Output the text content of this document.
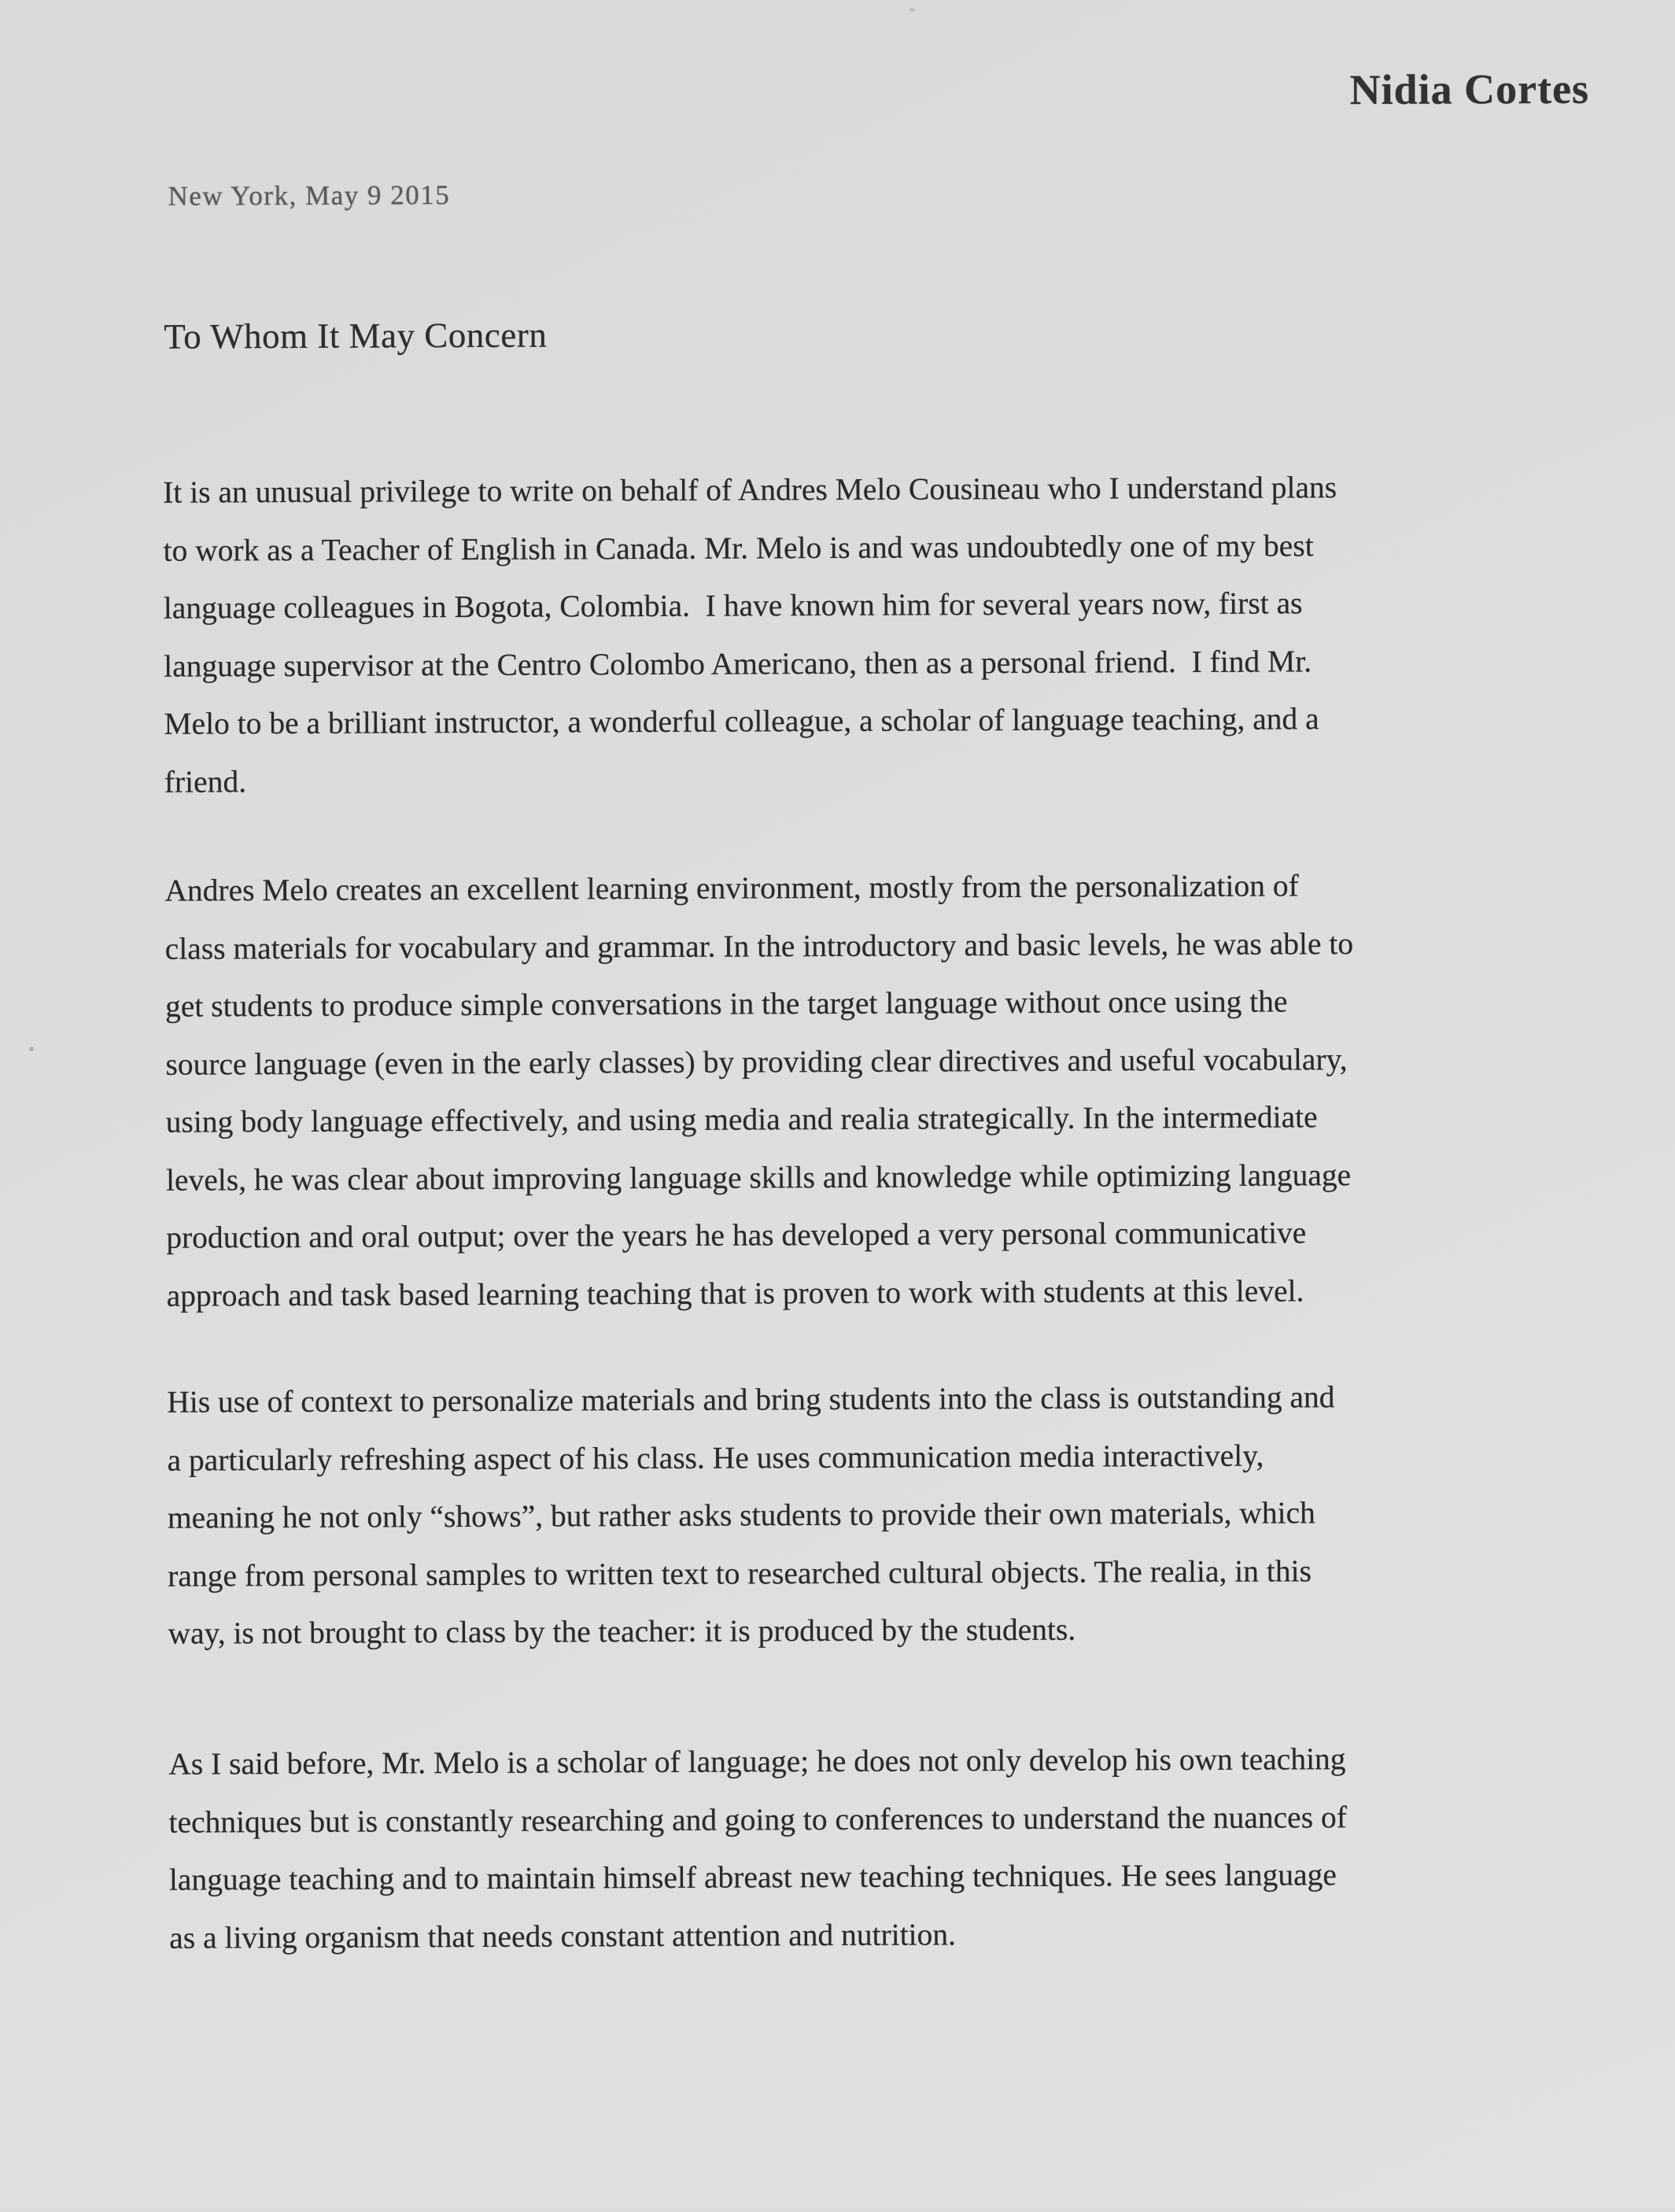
Nidia Cortes
New York, May 9 2015
To Whom It May Concern
It is an unusual privilege to write on behalf of Andres Melo Cousineau who I understand plans
to work as a Teacher of English in Canada. Mr. Melo is and was undoubtedly one of my best
language colleagues in Bogota, Colombia.  I have known him for several years now, first as
language supervisor at the Centro Colombo Americano, then as a personal friend.  I find Mr.
Melo to be a brilliant instructor, a wonderful colleague, a scholar of language teaching, and a
friend.
Andres Melo creates an excellent learning environment, mostly from the personalization of
class materials for vocabulary and grammar. In the introductory and basic levels, he was able to
get students to produce simple conversations in the target language without once using the
source language (even in the early classes) by providing clear directives and useful vocabulary,
using body language effectively, and using media and realia strategically. In the intermediate
levels, he was clear about improving language skills and knowledge while optimizing language
production and oral output; over the years he has developed a very personal communicative
approach and task based learning teaching that is proven to work with students at this level.
His use of context to personalize materials and bring students into the class is outstanding and
a particularly refreshing aspect of his class. He uses communication media interactively,
meaning he not only “shows”, but rather asks students to provide their own materials, which
range from personal samples to written text to researched cultural objects. The realia, in this
way, is not brought to class by the teacher: it is produced by the students.
As I said before, Mr. Melo is a scholar of language; he does not only develop his own teaching
techniques but is constantly researching and going to conferences to understand the nuances of
language teaching and to maintain himself abreast new teaching techniques. He sees language
as a living organism that needs constant attention and nutrition.
